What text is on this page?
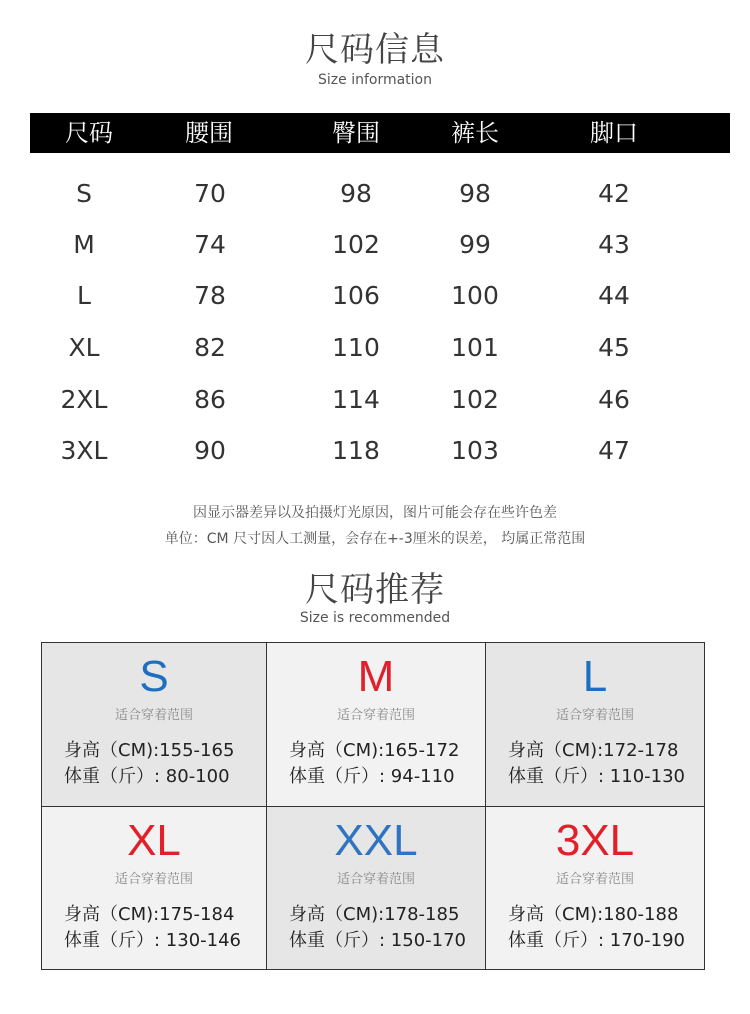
尺码信息
Size information
尺码	腰围	臀围	裤长	脚口
S	70	98	98	42
M	74	102	99	43
L	78	106	100	44
XL	82	110	101	45
2XL	86	114	102	46
3XL	90	118	103	47
因显示器差异以及拍摄灯光原因，图片可能会存在些许色差
单位：CM 尺寸因人工测量，会存在+-3厘米的误差， 均属正常范围
尺码推荐
Size is recommended
S
适合穿着范围
身高（CM):155-165
体重（斤）: 80-100
M
适合穿着范围
身高（CM):165-172
体重（斤）: 94-110
L
适合穿着范围
身高（CM):172-178
体重（斤）: 110-130
XL
适合穿着范围
身高（CM):175-184
体重（斤）: 130-146
XXL
适合穿着范围
身高（CM):178-185
体重（斤）: 150-170
3XL
适合穿着范围
身高（CM):180-188
体重（斤）: 170-190
